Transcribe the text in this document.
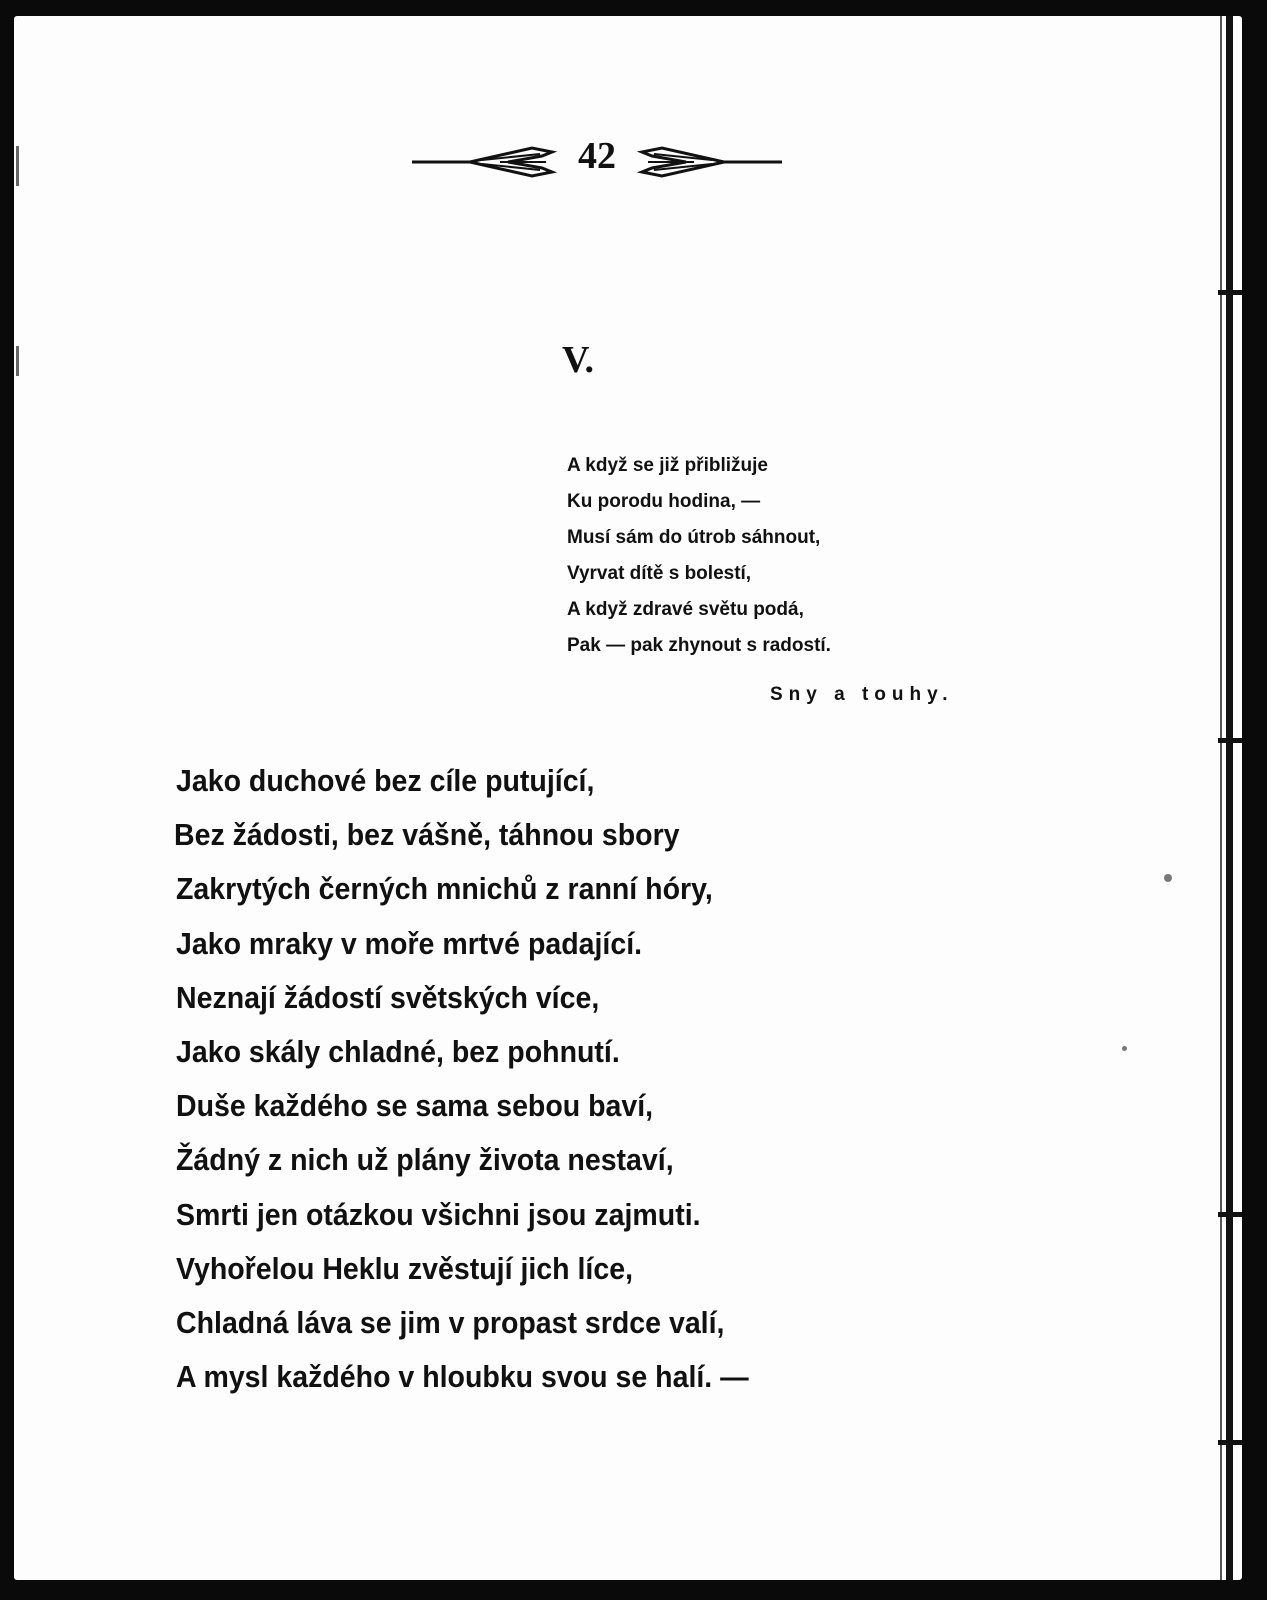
42
V.
A když se již přibližuje
Ku porodu hodina, —
Musí sám do útrob sáhnout,
Vyrvat dítě s bolestí,
A když zdravé světu podá,
Pak — pak zhynout s radostí.
Sny a touhy.
Jako duchové bez cíle putující,
Bez žádosti, bez vášně, táhnou sbory
Zakrytých černých mnichů z ranní hóry,
Jako mraky v moře mrtvé padající.
Neznají žádostí světských více,
Jako skály chladné, bez pohnutí.
Duše každého se sama sebou baví,
Žádný z nich už plány života nestaví,
Smrti jen otázkou všichni jsou zajmuti.
Vyhořelou Heklu zvěstují jich líce,
Chladná láva se jim v propast srdce valí,
A mysl každého v hloubku svou se halí. —
